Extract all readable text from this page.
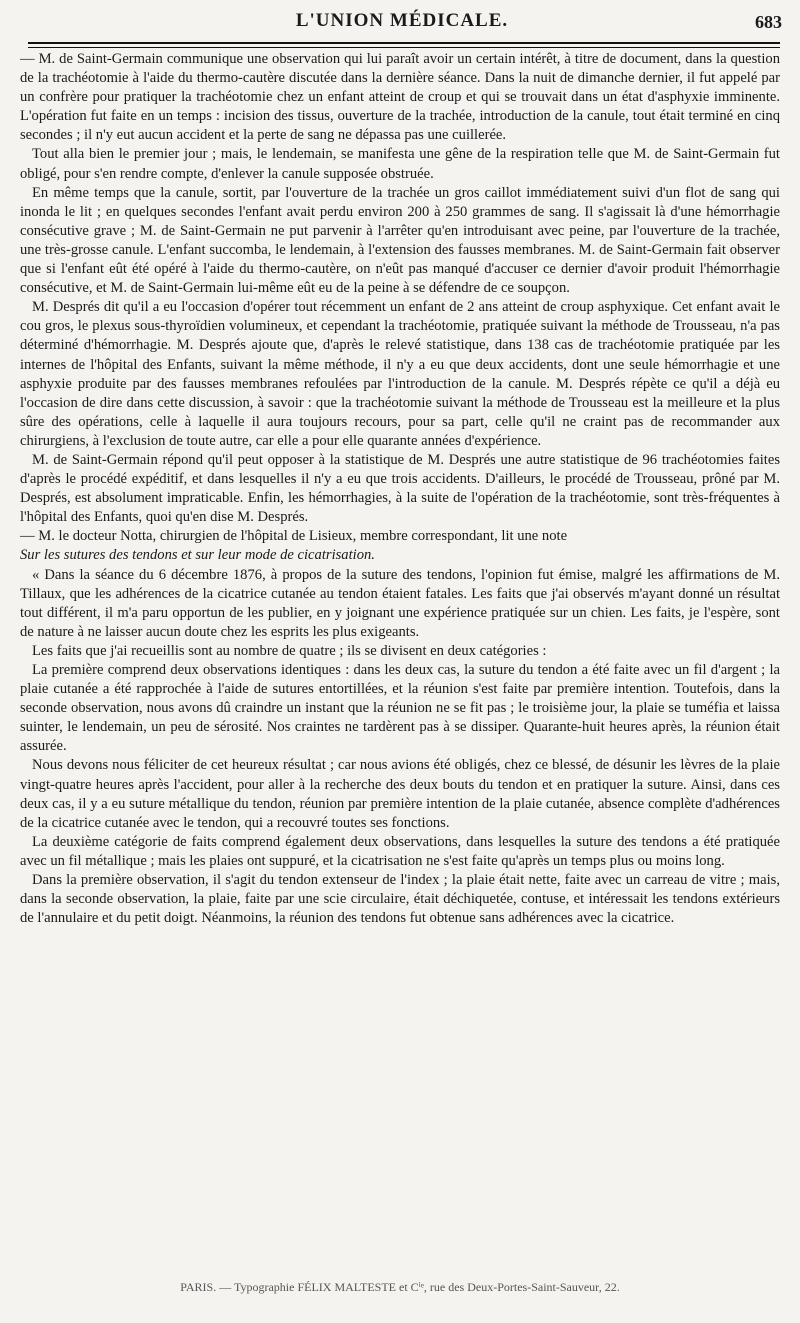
L'UNION MÉDICALE.	683

— M. de Saint-Germain communique une observation qui lui paraît avoir un certain intérêt, à titre de document, dans la question de la trachéotomie à l'aide du thermo-cautère discutée dans la dernière séance. Dans la nuit de dimanche dernier, il fut appelé par un confrère pour pratiquer la trachéotomie chez un enfant atteint de croup et qui se trouvait dans un état d'asphyxie imminente. L'opération fut faite en un temps : incision des tissus, ouverture de la trachée, introduction de la canule, tout était terminé en cinq secondes ; il n'y eut aucun accident et la perte de sang ne dépassa pas une cuillerée.

Tout alla bien le premier jour ; mais, le lendemain, se manifesta une gêne de la respiration telle que M. de Saint-Germain fut obligé, pour s'en rendre compte, d'enlever la canule supposée obstruée.

En même temps que la canule, sortit, par l'ouverture de la trachée un gros caillot immédiatement suivi d'un flot de sang qui inonda le lit ; en quelques secondes l'enfant avait perdu environ 200 à 250 grammes de sang. Il s'agissait là d'une hémorrhagie consécutive grave ; M. de Saint-Germain ne put parvenir à l'arrêter qu'en introduisant avec peine, par l'ouverture de la trachée, une très-grosse canule. L'enfant succomba, le lendemain, à l'extension des fausses membranes. M. de Saint-Germain fait observer que si l'enfant eût été opéré à l'aide du thermo-cautère, on n'eût pas manqué d'accuser ce dernier d'avoir produit l'hémorrhagie consécutive, et M. de Saint-Germain lui-même eût eu de la peine à se défendre de ce soupçon.

M. Després dit qu'il a eu l'occasion d'opérer tout récemment un enfant de 2 ans atteint de croup asphyxique. Cet enfant avait le cou gros, le plexus sous-thyroïdien volumineux, et cependant la trachéotomie, pratiquée suivant la méthode de Trousseau, n'a pas déterminé d'hémorrhagie. M. Després ajoute que, d'après le relevé statistique, dans 138 cas de trachéotomie pratiquée par les internes de l'hôpital des Enfants, suivant la même méthode, il n'y a eu que deux accidents, dont une seule hémorrhagie et une asphyxie produite par des fausses membranes refoulées par l'introduction de la canule. M. Després répète ce qu'il a déjà eu l'occasion de dire dans cette discussion, à savoir : que la trachéotomie suivant la méthode de Trousseau est la meilleure et la plus sûre des opérations, celle à laquelle il aura toujours recours, pour sa part, celle qu'il ne craint pas de recommander aux chirurgiens, à l'exclusion de toute autre, car elle a pour elle quarante années d'expérience.

M. de Saint-Germain répond qu'il peut opposer à la statistique de M. Després une autre statistique de 96 trachéotomies faites d'après le procédé expéditif, et dans lesquelles il n'y a eu que trois accidents. D'ailleurs, le procédé de Trousseau, prôné par M. Després, est absolument impraticable. Enfin, les hémorrhagies, à la suite de l'opération de la trachéotomie, sont très-fréquentes à l'hôpital des Enfants, quoi qu'en dise M. Després.

— M. le docteur Notta, chirurgien de l'hôpital de Lisieux, membre correspondant, lit une note

Sur les sutures des tendons et sur leur mode de cicatrisation.

« Dans la séance du 6 décembre 1876, à propos de la suture des tendons, l'opinion fut émise, malgré les affirmations de M. Tillaux, que les adhérences de la cicatrice cutanée au tendon étaient fatales. Les faits que j'ai observés m'ayant donné un résultat tout différent, il m'a paru opportun de les publier, en y joignant une expérience pratiquée sur un chien. Les faits, je l'espère, sont de nature à ne laisser aucun doute chez les esprits les plus exigeants.

Les faits que j'ai recueillis sont au nombre de quatre ; ils se divisent en deux catégories :

La première comprend deux observations identiques : dans les deux cas, la suture du tendon a été faite avec un fil d'argent ; la plaie cutanée a été rapprochée à l'aide de sutures entortillées, et la réunion s'est faite par première intention. Toutefois, dans la seconde observation, nous avons dû craindre un instant que la réunion ne se fit pas ; le troisième jour, la plaie se tuméfia et laissa suinter, le lendemain, un peu de sérosité. Nos craintes ne tardèrent pas à se dissiper. Quarante-huit heures après, la réunion était assurée.

Nous devons nous féliciter de cet heureux résultat ; car nous avions été obligés, chez ce blessé, de désunir les lèvres de la plaie vingt-quatre heures après l'accident, pour aller à la recherche des deux bouts du tendon et en pratiquer la suture. Ainsi, dans ces deux cas, il y a eu suture métallique du tendon, réunion par première intention de la plaie cutanée, absence complète d'adhérences de la cicatrice cutanée avec le tendon, qui a recouvré toutes ses fonctions.

La deuxième catégorie de faits comprend également deux observations, dans lesquelles la suture des tendons a été pratiquée avec un fil métallique ; mais les plaies ont suppuré, et la cicatrisation ne s'est faite qu'après un temps plus ou moins long.

Dans la première observation, il s'agit du tendon extenseur de l'index ; la plaie était nette, faite avec un carreau de vitre ; mais, dans la seconde observation, la plaie, faite par une scie circulaire, était déchiquetée, contuse, et intéressait les tendons extérieurs de l'annulaire et du petit doigt. Néanmoins, la réunion des tendons fut obtenue sans adhérences avec la cicatrice.

PARIS. — Typographie FÉLIX MALTESTE et Cⁱᵉ, rue des Deux-Portes-Saint-Sauveur, 22.
